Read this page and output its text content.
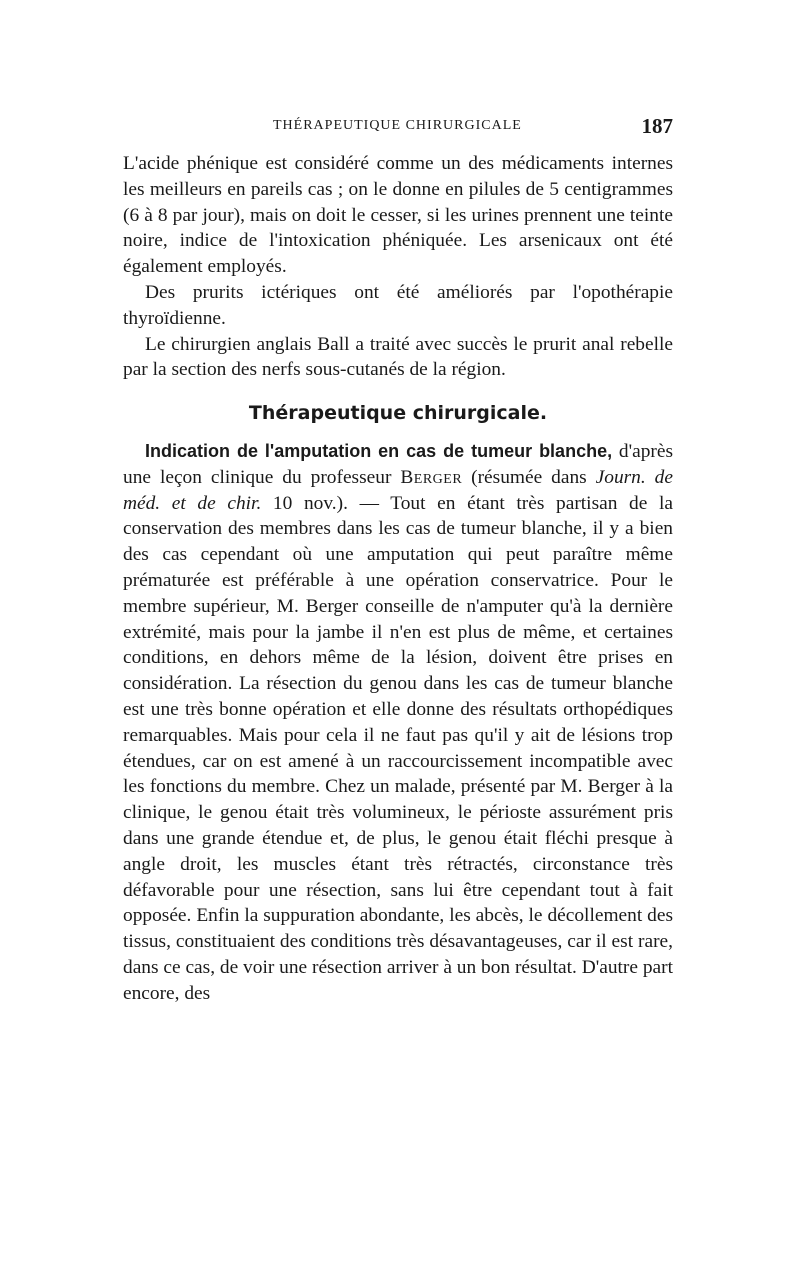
THÉRAPEUTIQUE CHIRURGICALE	187

L'acide phénique est considéré comme un des médicaments internes les meilleurs en pareils cas ; on le donne en pilules de 5 centigrammes (6 à 8 par jour), mais on doit le cesser, si les urines prennent une teinte noire, indice de l'intoxication phéniquée. Les arsenicaux ont été également employés.

Des prurits ictériques ont été améliorés par l'opothérapie thyroïdienne.

Le chirurgien anglais Ball a traité avec succès le prurit anal rebelle par la section des nerfs sous-cutanés de la région.

Thérapeutique chirurgicale.

Indication de l'amputation en cas de tumeur blanche, d'après une leçon clinique du professeur Berger (résumée dans Journ. de méd. et de chir. 10 nov.). — Tout en étant très partisan de la conservation des membres dans les cas de tumeur blanche, il y a bien des cas cependant où une amputation qui peut paraître même prématurée est préférable à une opération conservatrice. Pour le membre supérieur, M. Berger conseille de n'amputer qu'à la dernière extrémité, mais pour la jambe il n'en est plus de même, et certaines conditions, en dehors même de la lésion, doivent être prises en considération. La résection du genou dans les cas de tumeur blanche est une très bonne opération et elle donne des résultats orthopédiques remarquables. Mais pour cela il ne faut pas qu'il y ait de lésions trop étendues, car on est amené à un raccourcissement incompatible avec les fonctions du membre. Chez un malade, présenté par M. Berger à la clinique, le genou était très volumineux, le périoste assurément pris dans une grande étendue et, de plus, le genou était fléchi presque à angle droit, les muscles étant très rétractés, circonstance très défavorable pour une résection, sans lui être cependant tout à fait opposée. Enfin la suppuration abondante, les abcès, le décollement des tissus, constituaient des conditions très désavantageuses, car il est rare, dans ce cas, de voir une résection arriver à un bon résultat. D'autre part encore, des
